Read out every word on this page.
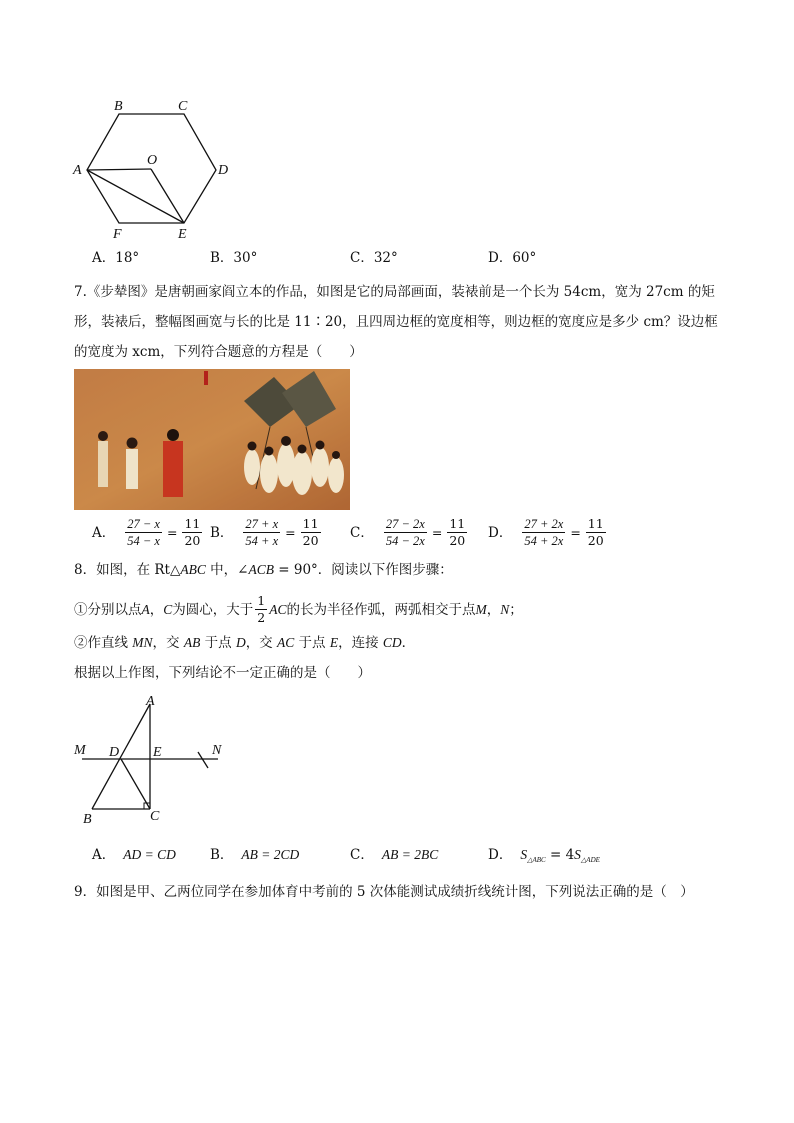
B	C
A
O
D
F	E
A．18°	B．30°	C．32°	D．60°
7.《步辇图》是唐朝画家阎立本的作品，如图是它的局部画面，装裱前是一个长为 54cm，宽为 27cm 的矩
形，装裱后，整幅图画宽与长的比是 11∶20，且四周边框的宽度相等，则边框的宽度应是多少 cm？设边框
的宽度为 xcm，下列符合题意的方程是（　　）
A． $\frac{27 - x}{54 - x} = \frac{11}{20}$ B． $\frac{27 + x}{54 + x} = \frac{11}{20}$ C． $\frac{27 - 2x}{54 - 2x} = \frac{11}{20}$ D． $\frac{27 + 2x}{54 + 2x} = \frac{11}{20}$
8．如图，在 Rt△ABC 中，∠ACB = 90°．阅读以下作图步骤：
①分别以点 A ， C 为圆心，大于 $\frac{1}{2}$ AC 的长为半径作弧，两弧相交于点 M ， N ；
②作直线 MN，交 AB 于点 D，交 AC 于点 E，连接 CD．
根据以上作图，下列结论不一定正确的是（　　）
A
M D E	N
B	C
A． AD = CD	B． AB = 2CD	C． AB = 2BC	D． $S_{\triangle ABC} = 4S_{\triangle ADE}$
9．如图是甲、乙两位同学在参加体育中考前的 5 次体能测试成绩折线统计图，下列说法正确的是（　）
